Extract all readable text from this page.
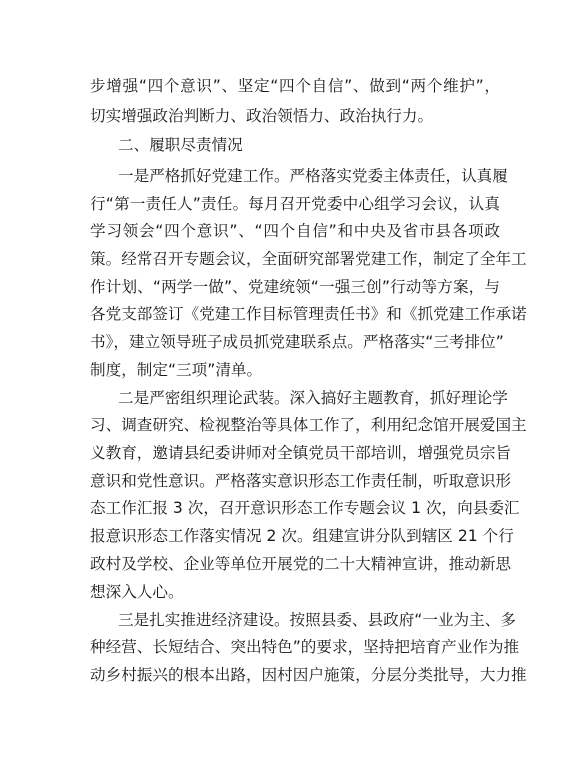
步增强“四个意识”、坚定“四个自信”、做到“两个维护”，
切实增强政治判断力、政治领悟力、政治执行力。
二、履职尽责情况
一是严格抓好党建工作。严格落实党委主体责任，认真履
行“第一责任人”责任。每月召开党委中心组学习会议，认真
学习领会“四个意识”、“四个自信”和中央及省市县各项政
策。经常召开专题会议，全面研究部署党建工作，制定了全年工
作计划、“两学一做”、党建统领“一强三创”行动等方案，与
各党支部签订《党建工作目标管理责任书》和《抓党建工作承诺
书》，建立领导班子成员抓党建联系点。严格落实“三考排位”
制度，制定“三项”清单。
二是严密组织理论武装。深入搞好主题教育，抓好理论学
习、调查研究、检视整治等具体工作了，利用纪念馆开展爱国主
义教育，邀请县纪委讲师对全镇党员干部培训，增强党员宗旨
意识和党性意识。严格落实意识形态工作责任制，听取意识形
态工作汇报 3 次，召开意识形态工作专题会议 1 次，向县委汇
报意识形态工作落实情况 2 次。组建宣讲分队到辖区 21 个行
政村及学校、企业等单位开展党的二十大精神宣讲，推动新思
想深入人心。
三是扎实推进经济建设。按照县委、县政府“一业为主、多
种经营、长短结合、突出特色”的要求，坚持把培育产业作为推
动乡村振兴的根本出路，因村因户施策，分层分类批导，大力推
